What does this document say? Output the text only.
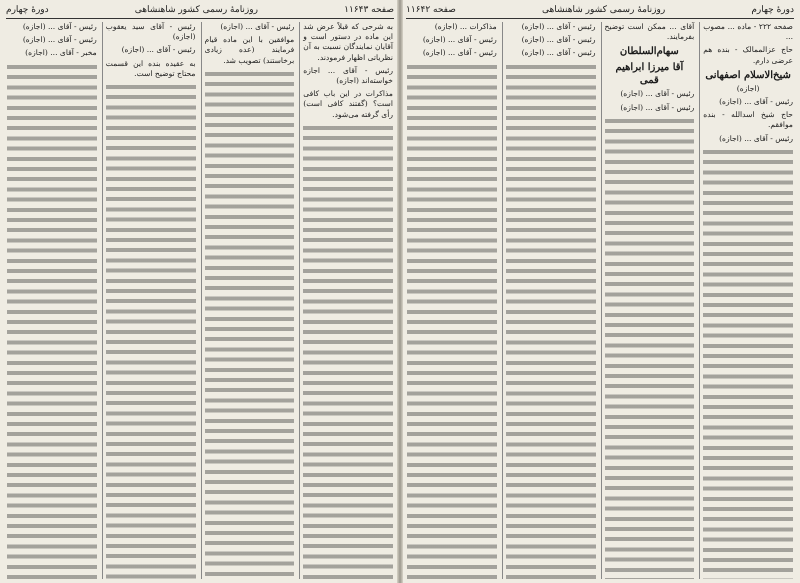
صفحه ۱۱۶۴۳
روزنامهٔ رسمی کشور شاهنشاهی
دورهٔ چهارم

به شرحی که قبلاً عرض شد این ماده در دستور است و آقایان نمایندگان نسبت به آن نظریاتی اظهار فرمودند.

رئیس - آقای ... اجازه خواسته‌اند (اجازه)

مذاکرات در این باب کافی است؟ (گفتند کافی است) رأی گرفته می‌شود.

رئیس - آقای ... (اجازه)

موافقین با این ماده قیام فرمایند (عده زیادی برخاستند) تصویب شد.

رئیس - آقای سید یعقوب (اجازه)

رئیس - آقای ... (اجازه)

به عقیده بنده این قسمت محتاج توضیح است.

رئیس - آقای ... (اجازه)

رئیس - آقای ... (اجازه)

مخبر - آقای ... (اجازه)

دورهٔ چهارم
روزنامهٔ رسمی کشور شاهنشاهی
صفحه ۱۱۶۴۲

صفحه ۲۲۲ - ماده ... مصوب ...

حاج عزالممالک - بنده هم عرضی دارم.

شیخ‌الاسلام اصفهانی

(اجازه)

رئیس - آقای ... (اجازه)

حاج شیخ اسدالله - بنده موافقم.

رئیس - آقای ... (اجازه)

آقای ... ممکن است توضیح بفرمایند.

سهام‌السلطان
آقا میرزا ابراهیم قمی

رئیس - آقای ... (اجازه)

رئیس - آقای ... (اجازه)

رئیس - آقای ... (اجازه)

رئیس - آقای ... (اجازه)

رئیس - آقای ... (اجازه)

مذاکرات ... (اجازه)

رئیس - آقای ... (اجازه)

رئیس - آقای ... (اجازه)
